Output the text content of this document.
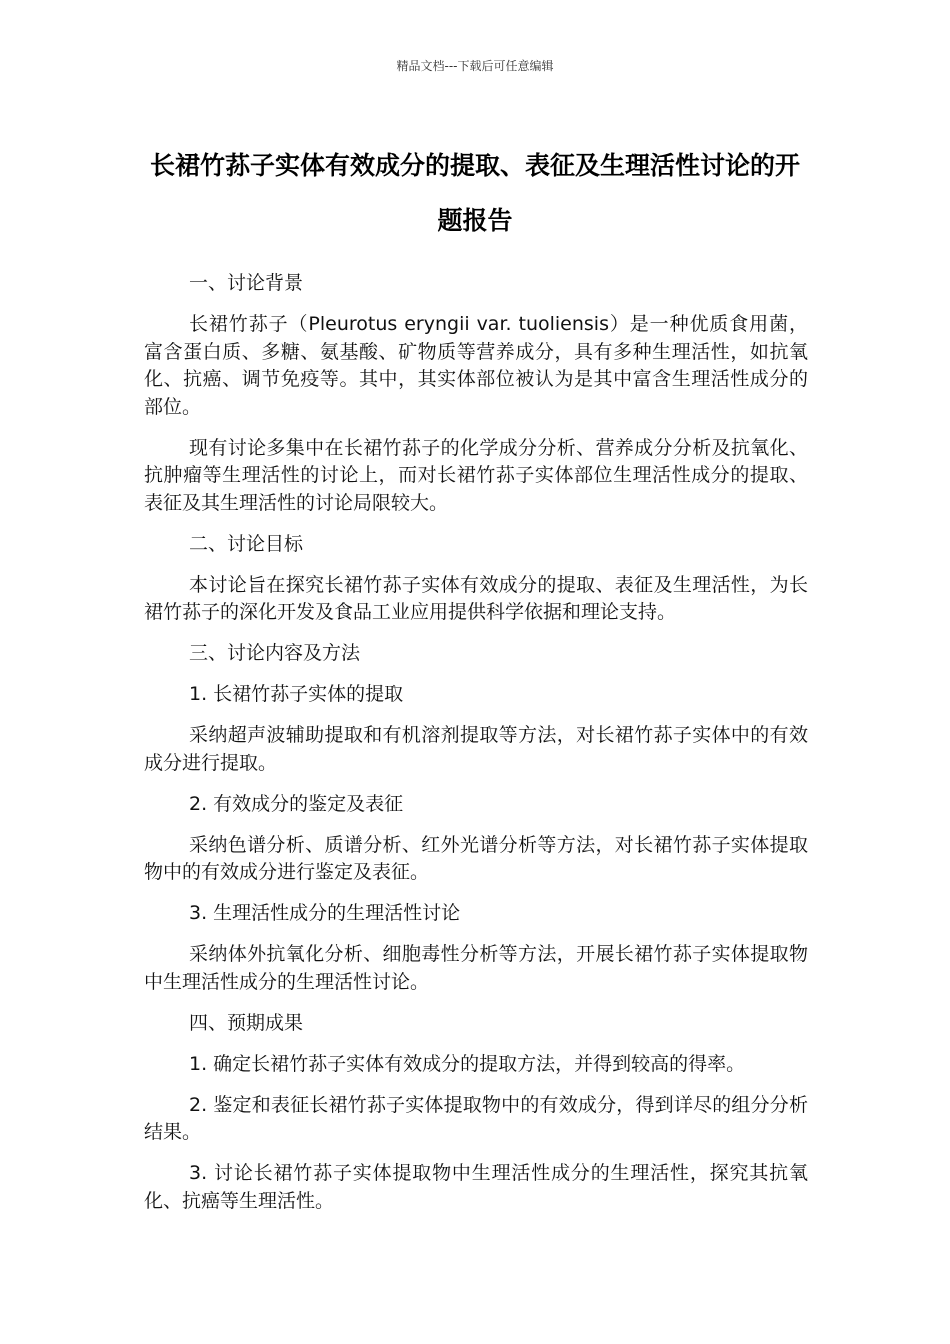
精品文档---下载后可任意编辑
长裙竹荪子实体有效成分的提取、表征及生理活性讨论的开题报告
一、讨论背景
长裙竹荪子（Pleurotus eryngii var. tuoliensis）是一种优质食用菌，富含蛋白质、多糖、氨基酸、矿物质等营养成分，具有多种生理活性，如抗氧化、抗癌、调节免疫等。其中，其实体部位被认为是其中富含生理活性成分的部位。
现有讨论多集中在长裙竹荪子的化学成分分析、营养成分分析及抗氧化、抗肿瘤等生理活性的讨论上，而对长裙竹荪子实体部位生理活性成分的提取、表征及其生理活性的讨论局限较大。
二、讨论目标
本讨论旨在探究长裙竹荪子实体有效成分的提取、表征及生理活性，为长裙竹荪子的深化开发及食品工业应用提供科学依据和理论支持。
三、讨论内容及方法
1. 长裙竹荪子实体的提取
采纳超声波辅助提取和有机溶剂提取等方法，对长裙竹荪子实体中的有效成分进行提取。
2. 有效成分的鉴定及表征
采纳色谱分析、质谱分析、红外光谱分析等方法，对长裙竹荪子实体提取物中的有效成分进行鉴定及表征。
3. 生理活性成分的生理活性讨论
采纳体外抗氧化分析、细胞毒性分析等方法，开展长裙竹荪子实体提取物中生理活性成分的生理活性讨论。
四、预期成果
1. 确定长裙竹荪子实体有效成分的提取方法，并得到较高的得率。
2. 鉴定和表征长裙竹荪子实体提取物中的有效成分，得到详尽的组分分析结果。
3. 讨论长裙竹荪子实体提取物中生理活性成分的生理活性，探究其抗氧化、抗癌等生理活性。
